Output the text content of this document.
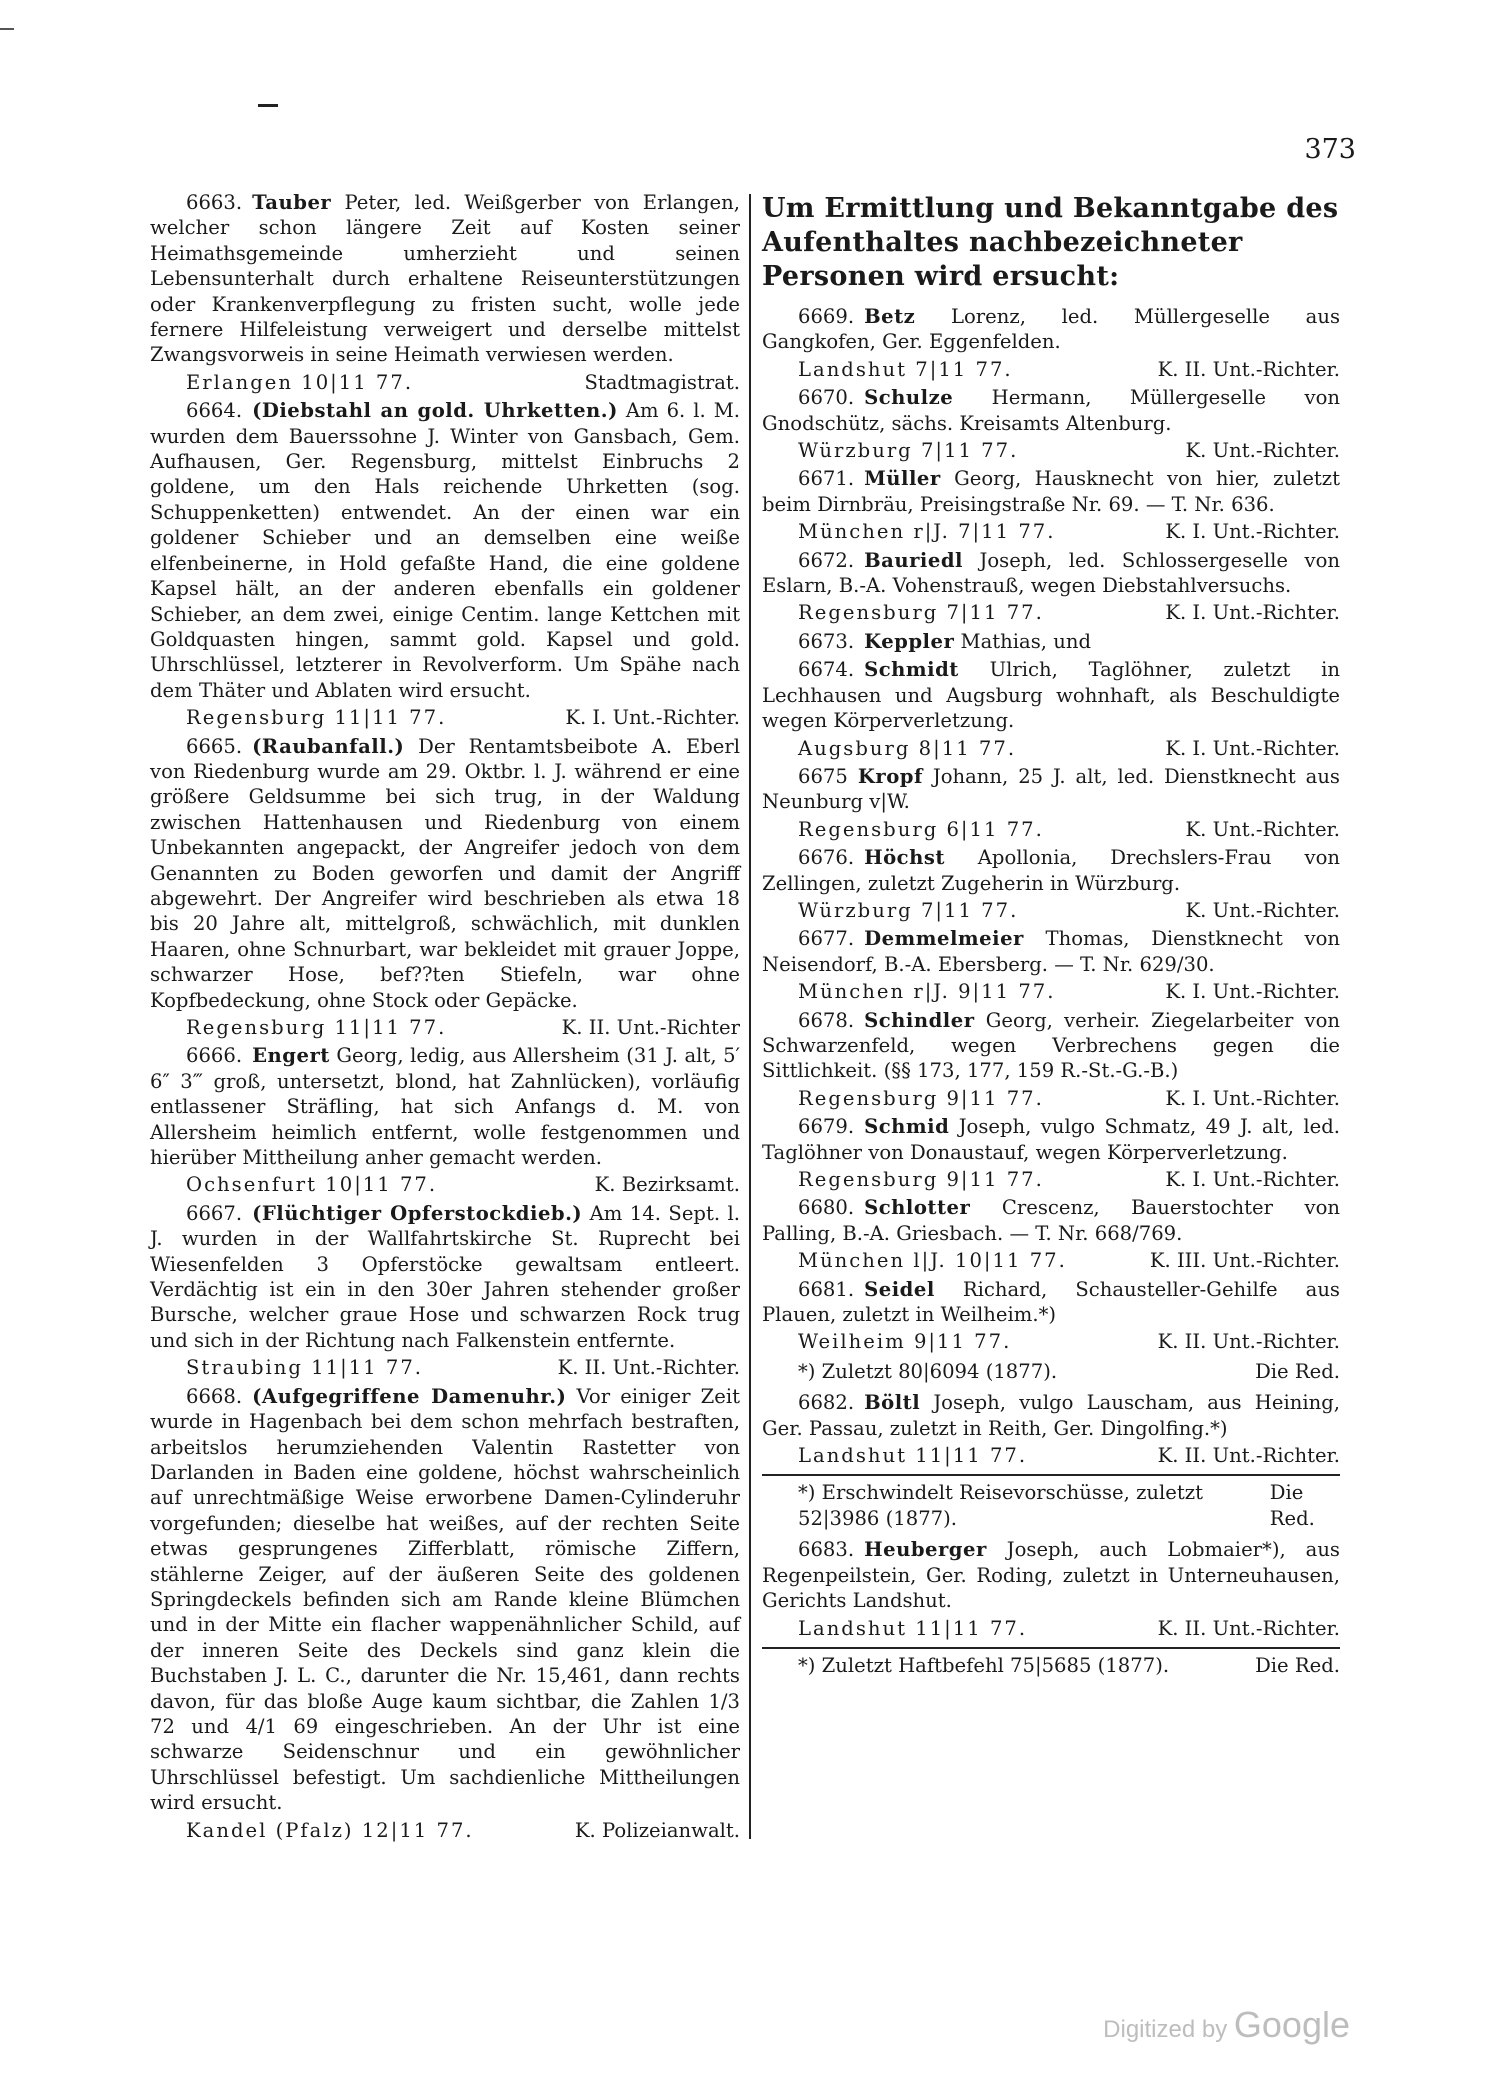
373

6663. Tauber Peter, led. Weißgerber von Erlangen, welcher schon längere Zeit auf Kosten seiner Heimathsgemeinde umherzieht und seinen Lebensunterhalt durch erhaltene Reiseunterstützungen oder Krankenverpflegung zu fristen sucht, wolle jede fernere Hilfeleistung verweigert und derselbe mittelst Zwangsvorweis in seine Heimath verwiesen werden.

Erlangen 10|11 77.	Stadtmagistrat.

6664. (Diebstahl an gold. Uhrketten.) Am 6. l. M. wurden dem Bauerssohne J. Winter von Gansbach, Gem. Aufhausen, Ger. Regensburg, mittelst Einbruchs 2 goldene, um den Hals reichende Uhrketten (sog. Schuppenketten) entwendet. An der einen war ein goldener Schieber und an demselben eine weiße elfenbeinerne, in Hold gefaßte Hand, die eine goldene Kapsel hält, an der anderen ebenfalls ein goldener Schieber, an dem zwei, einige Centim. lange Kettchen mit Goldquasten hingen, sammt gold. Kapsel und gold. Uhrschlüssel, letzterer in Revolverform. Um Spähe nach dem Thäter und Ablaten wird ersucht.

Regensburg 11|11 77.	K. I. Unt.-Richter.

6665. (Raubanfall.) Der Rentamtsbeibote A. Eberl von Riedenburg wurde am 29. Oktbr. l. J. während er eine größere Geldsumme bei sich trug, in der Waldung zwischen Hattenhausen und Riedenburg von einem Unbekannten angepackt, der Angreifer jedoch von dem Genannten zu Boden geworfen und damit der Angriff abgewehrt. Der Angreifer wird beschrieben als etwa 18 bis 20 Jahre alt, mittelgroß, schwächlich, mit dunklen Haaren, ohne Schnurbart, war bekleidet mit grauer Joppe, schwarzer Hose, bef??ten Stiefeln, war ohne Kopfbedeckung, ohne Stock oder Gepäcke.

Regensburg 11|11 77.	K. II. Unt.-Richter

6666. Engert Georg, ledig, aus Allersheim (31 J. alt, 5′ 6″ 3‴ groß, untersetzt, blond, hat Zahnlücken), vorläufig entlassener Sträfling, hat sich Anfangs d. M. von Allersheim heimlich entfernt, wolle festgenommen und hierüber Mittheilung anher gemacht werden.

Ochsenfurt 10|11 77.	K. Bezirksamt.

6667. (Flüchtiger Opferstockdieb.) Am 14. Sept. l. J. wurden in der Wallfahrtskirche St. Ruprecht bei Wiesenfelden 3 Opferstöcke gewaltsam entleert. Verdächtig ist ein in den 30er Jahren stehender großer Bursche, welcher graue Hose und schwarzen Rock trug und sich in der Richtung nach Falkenstein entfernte.

Straubing 11|11 77.	K. II. Unt.-Richter.

6668. (Aufgegriffene Damenuhr.) Vor einiger Zeit wurde in Hagenbach bei dem schon mehrfach bestraften, arbeitslos herumziehenden Valentin Rastetter von Darlanden in Baden eine goldene, höchst wahrscheinlich auf unrechtmäßige Weise erworbene Damen-Cylinderuhr vorgefunden; dieselbe hat weißes, auf der rechten Seite etwas gesprungenes Zifferblatt, römische Ziffern, stählerne Zeiger, auf der äußeren Seite des goldenen Springdeckels befinden sich am Rande kleine Blümchen und in der Mitte ein flacher wappenähnlicher Schild, auf der inneren Seite des Deckels sind ganz klein die Buchstaben J. L. C., darunter die Nr. 15,461, dann rechts davon, für das bloße Auge kaum sichtbar, die Zahlen 1/3 72 und 4/1 69 eingeschrieben. An der Uhr ist eine schwarze Seidenschnur und ein gewöhnlicher Uhrschlüssel befestigt. Um sachdienliche Mittheilungen wird ersucht.

Kandel (Pfalz) 12|11 77.	K. Polizeianwalt.
Um Ermittlung und Bekanntgabe des Aufenthaltes nachbezeichneter Personen wird ersucht:

6669. Betz Lorenz, led. Müllergeselle aus Gangkofen, Ger. Eggenfelden.

Landshut 7|11 77.	K. II. Unt.-Richter.

6670. Schulze Hermann, Müllergeselle von Gnodschütz, sächs. Kreisamts Altenburg.

Würzburg 7|11 77.	K. Unt.-Richter.

6671. Müller Georg, Hausknecht von hier, zuletzt beim Dirnbräu, Preisingstraße Nr. 69. — T. Nr. 636.

München r|J. 7|11 77.	K. I. Unt.-Richter.

6672. Bauriedl Joseph, led. Schlossergeselle von Eslarn, B.-A. Vohenstrauß, wegen Diebstahlversuchs.

Regensburg 7|11 77.	K. I. Unt.-Richter.

6673. Keppler Mathias, und

6674. Schmidt Ulrich, Taglöhner, zuletzt in Lechhausen und Augsburg wohnhaft, als Beschuldigte wegen Körperverletzung.

Augsburg 8|11 77.	K. I. Unt.-Richter.

6675 Kropf Johann, 25 J. alt, led. Dienstknecht aus Neunburg v|W.

Regensburg 6|11 77.	K. Unt.-Richter.

6676. Höchst Apollonia, Drechslers-Frau von Zellingen, zuletzt Zugeherin in Würzburg.

Würzburg 7|11 77.	K. Unt.-Richter.

6677. Demmelmeier Thomas, Dienstknecht von Neisendorf, B.-A. Ebersberg. — T. Nr. 629/30.

München r|J. 9|11 77.	K. I. Unt.-Richter.

6678. Schindler Georg, verheir. Ziegelarbeiter von Schwarzenfeld, wegen Verbrechens gegen die Sittlichkeit. (§§ 173, 177, 159 R.-St.-G.-B.)

Regensburg 9|11 77.	K. I. Unt.-Richter.

6679. Schmid Joseph, vulgo Schmatz, 49 J. alt, led. Taglöhner von Donaustauf, wegen Körperverletzung.

Regensburg 9|11 77.	K. I. Unt.-Richter.

6680. Schlotter Crescenz, Bauerstochter von Palling, B.-A. Griesbach. — T. Nr. 668/769.

München l|J. 10|11 77.	K. III. Unt.-Richter.

6681. Seidel Richard, Schausteller-Gehilfe aus Plauen, zuletzt in Weilheim.*)

Weilheim 9|11 77.	K. II. Unt.-Richter.
*) Zuletzt 80|6094 (1877).	Die Red.

6682. Böltl Joseph, vulgo Lauscham, aus Heining, Ger. Passau, zuletzt in Reith, Ger. Dingolfing.*)

Landshut 11|11 77.	K. II. Unt.-Richter.
*) Erschwindelt Reisevorschüsse, zuletzt 52|3986 (1877).
Die Red.

6683. Heuberger Joseph, auch Lobmaier*), aus Regenpeilstein, Ger. Roding, zuletzt in Unterneuhausen, Gerichts Landshut.

Landshut 11|11 77.	K. II. Unt.-Richter.
*) Zuletzt Haftbefehl 75|5685 (1877).	Die Red.
Digitized by Google
